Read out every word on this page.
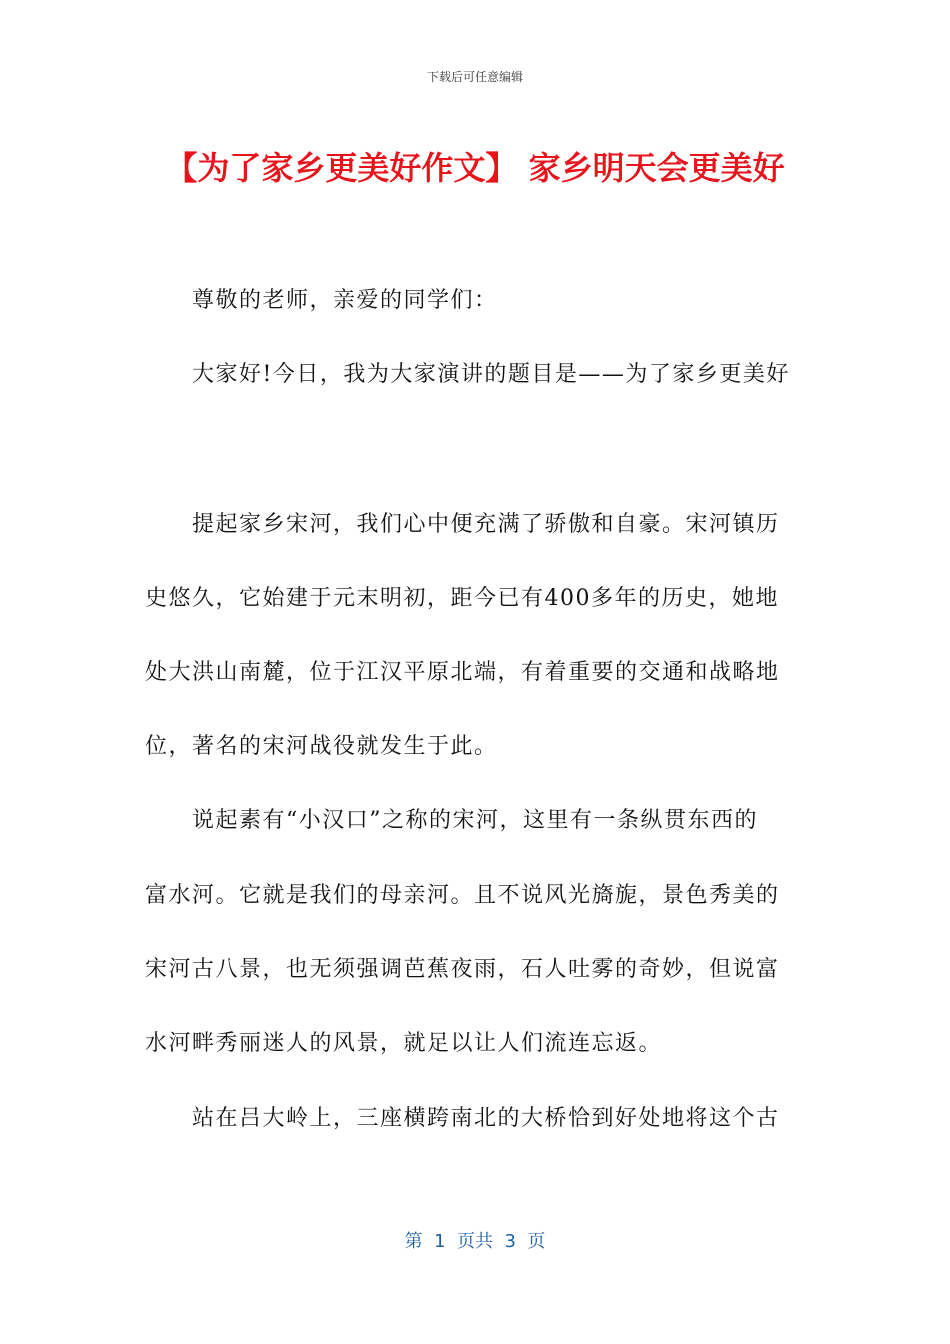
下载后可任意编辑
【为了家乡更美好作文】 家乡明天会更美好
尊敬的老师，亲爱的同学们：
大家好!今日，我为大家演讲的题目是——为了家乡更美好
提起家乡宋河，我们心中便充满了骄傲和自豪。宋河镇历
史悠久，它始建于元末明初，距今已有400多年的历史，她地
处大洪山南麓，位于江汉平原北端，有着重要的交通和战略地
位，著名的宋河战役就发生于此。
说起素有“小汉口”之称的宋河，这里有一条纵贯东西的
富水河。它就是我们的母亲河。且不说风光旖旎，景色秀美的
宋河古八景，也无须强调芭蕉夜雨，石人吐雾的奇妙，但说富
水河畔秀丽迷人的风景，就足以让人们流连忘返。
站在吕大岭上，三座横跨南北的大桥恰到好处地将这个古
第  1  页共  3  页
